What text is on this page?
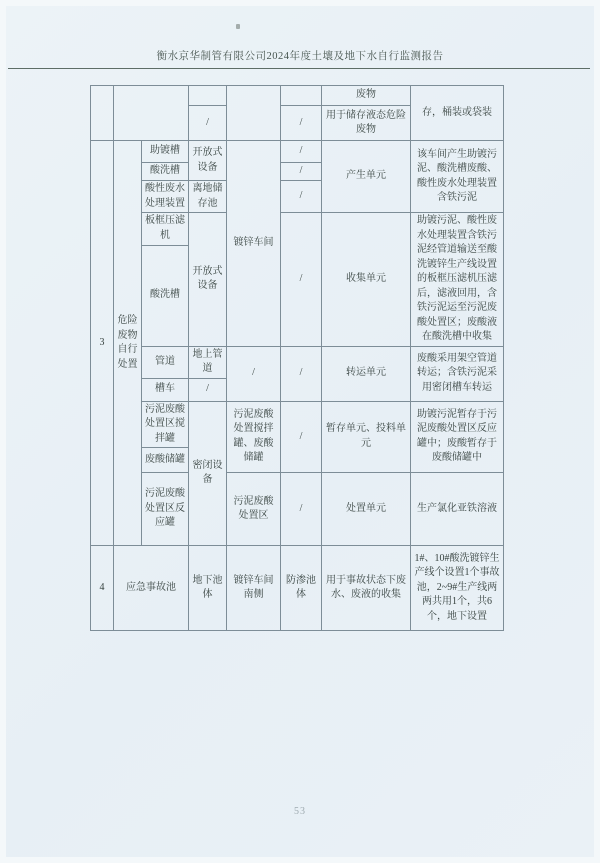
衡水京华制管有限公司2024年度土壤及地下水自行监测报告
						废物	存，桶装或袋装
			/		/	用于储存液态危险废物	
3	危险废物自行处置	助镀槽	开放式设备	镀锌车间	/	产生单元	该车间产生助镀污泥、酸洗槽废酸、酸性废水处理装置含铁污泥
		酸洗槽			/		
		酸性废水处理装置	离地储存池		/		
		板框压滤机	开放式设备		/	收集单元	助镀污泥、酸性废水处理装置含铁污泥经管道输送至酸洗镀锌生产线设置的板框压滤机压滤后，滤液回用，含铁污泥运至污泥废酸处置区；废酸液在酸洗槽中收集
		酸洗槽					
		管道	地上管道	/	/	转运单元	废酸采用架空管道转运；含铁污泥采用密闭槽车转运
		槽车	/				
		污泥废酸处置区搅拌罐	密闭设备	污泥废酸处置搅拌罐、废酸储罐	/	暂存单元、投料单元	助镀污泥暂存于污泥废酸处置区反应罐中；废酸暂存于废酸储罐中
		废酸储罐					
		污泥废酸处置区反应罐		污泥废酸处置区	/	处置单元	生产氯化亚铁溶液
4	应急事故池		地下池体	镀锌车间南侧	防渗池体	用于事故状态下废水、废液的收集	1#、10#酸洗镀锌生产线个设置1个事故池，2~9#生产线两两共用1个，共6个，地下设置
53
